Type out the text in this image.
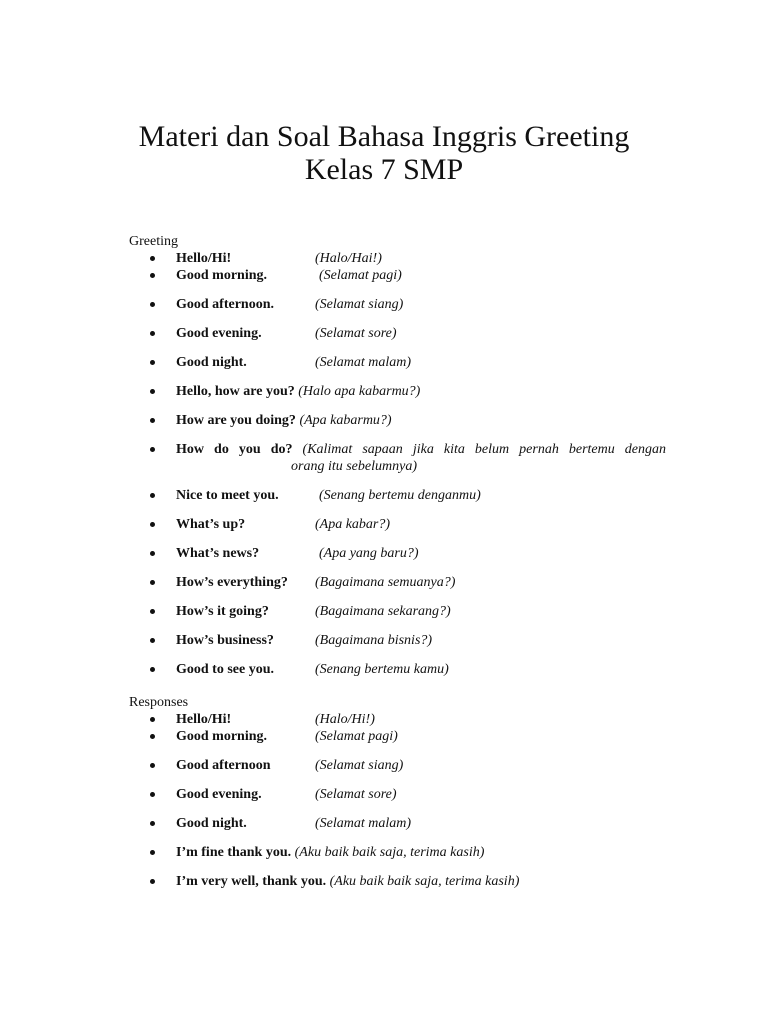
Materi dan Soal Bahasa Inggris Greeting
Kelas 7 SMP
Greeting
Hello/Hi!	(Halo/Hai!)
Good morning.	(Selamat pagi)
Good afternoon.	(Selamat siang)
Good evening.	(Selamat sore)
Good night.	(Selamat malam)
Hello, how are you? (Halo apa kabarmu?)
How are you doing? (Apa kabarmu?)
How do you do? (Kalimat sapaan jika kita belum pernah bertemu dengan
orang itu sebelumnya)
Nice to meet you.	(Senang bertemu denganmu)
What’s up?	(Apa kabar?)
What’s news?	(Apa yang baru?)
How’s everything? (Bagaimana semuanya?)
How’s it going?	(Bagaimana sekarang?)
How’s business?	(Bagaimana bisnis?)
Good to see you.	(Senang bertemu kamu)
Responses
Hello/Hi!	(Halo/Hi!)
Good morning.	(Selamat pagi)
Good afternoon	(Selamat siang)
Good evening.	(Selamat sore)
Good night.	(Selamat malam)
I’m fine thank you. (Aku baik baik saja, terima kasih)
I’m very well, thank you. (Aku baik baik saja, terima kasih)
